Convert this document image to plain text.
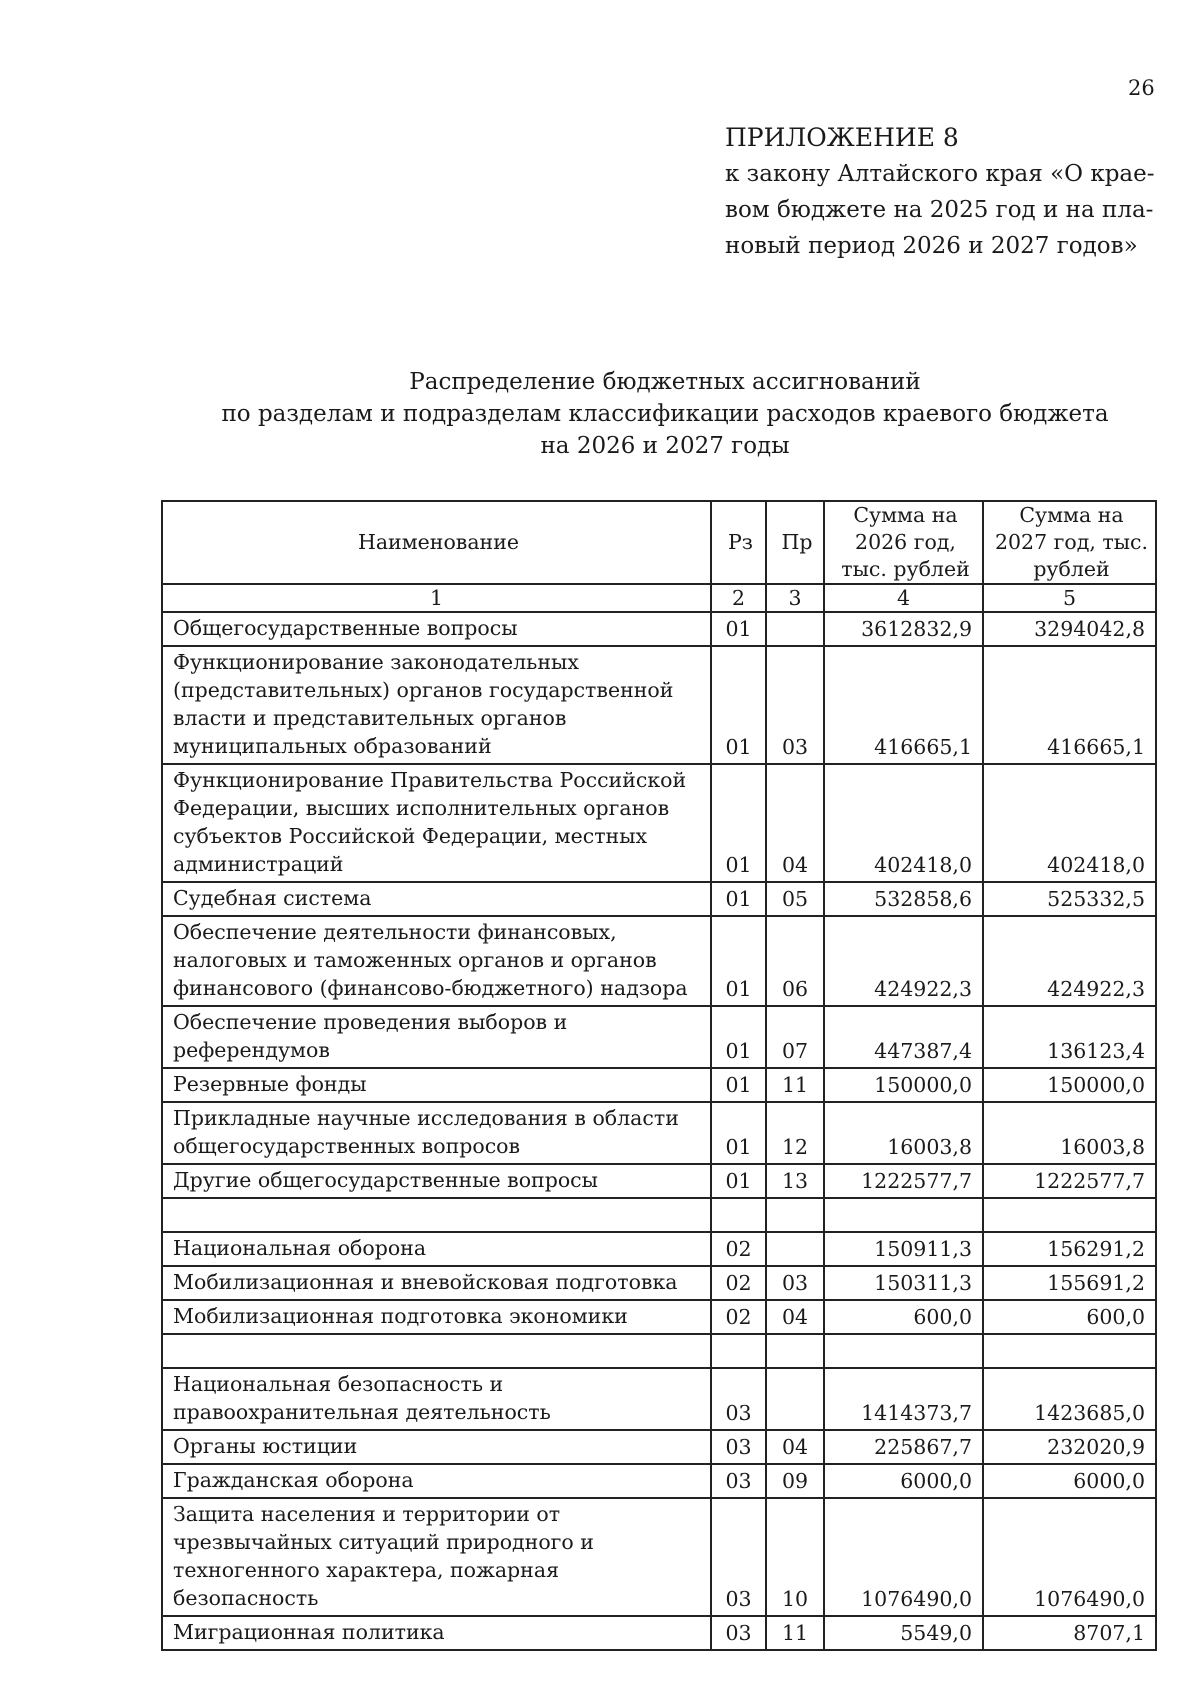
26
ПРИЛОЖЕНИЕ 8
к закону Алтайского края «О крае-
вом бюджете на 2025 год и на пла-
новый период 2026 и 2027 годов»
Распределение бюджетных ассигнований
по разделам и подразделам классификации расходов краевого бюджета
на 2026 и 2027 годы
Наименование	Рз	Пр	Сумма на 2026 год, тыс. рублей	Сумма на 2027 год, тыс. рублей
1	2	3	4	5
Общегосударственные вопросы	01		3612832,9	3294042,8
Функционирование законодательных (представительных) органов государственной власти и представительных органов муниципальных образований	01	03	416665,1	416665,1
Функционирование Правительства Российской Федерации, высших исполнительных органов субъектов Российской Федерации, местных администраций	01	04	402418,0	402418,0
Судебная система	01	05	532858,6	525332,5
Обеспечение деятельности финансовых, налоговых и таможенных органов и органов финансового (финансово-бюджетного) надзора	01	06	424922,3	424922,3
Обеспечение проведения выборов и референдумов	01	07	447387,4	136123,4
Резервные фонды	01	11	150000,0	150000,0
Прикладные научные исследования в области общегосударственных вопросов	01	12	16003,8	16003,8
Другие общегосударственные вопросы	01	13	1222577,7	1222577,7

Национальная оборона	02		150911,3	156291,2
Мобилизационная и вневойсковая подготовка	02	03	150311,3	155691,2
Мобилизационная подготовка экономики	02	04	600,0	600,0

Национальная безопасность и правоохранительная деятельность	03		1414373,7	1423685,0
Органы юстиции	03	04	225867,7	232020,9
Гражданская оборона	03	09	6000,0	6000,0
Защита населения и территории от чрезвычайных ситуаций природного и техногенного характера, пожарная безопасность	03	10	1076490,0	1076490,0
Миграционная политика	03	11	5549,0	8707,1
